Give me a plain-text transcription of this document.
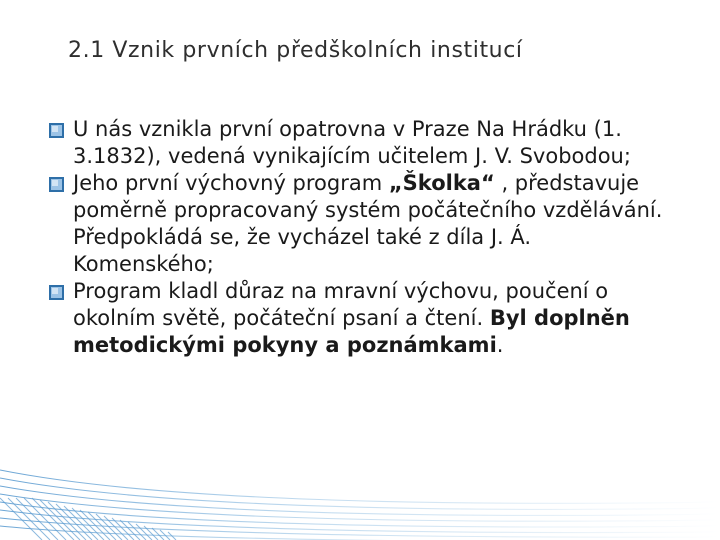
2.1 Vznik prvních předškolních institucí
U nás vznikla první opatrovna v Praze Na Hrádku (1. 3.1832), vedená vynikajícím učitelem J. V. Svobodou;
Jeho první výchovný program „Školka“ , představuje poměrně propracovaný systém počátečního vzdělávání. Předpokládá se, že vycházel také z díla J. Á. Komenského;
Program kladl důraz na mravní výchovu, poučení o okolním světě, počáteční psaní a čtení. Byl doplněn metodickými pokyny a poznámkami.
